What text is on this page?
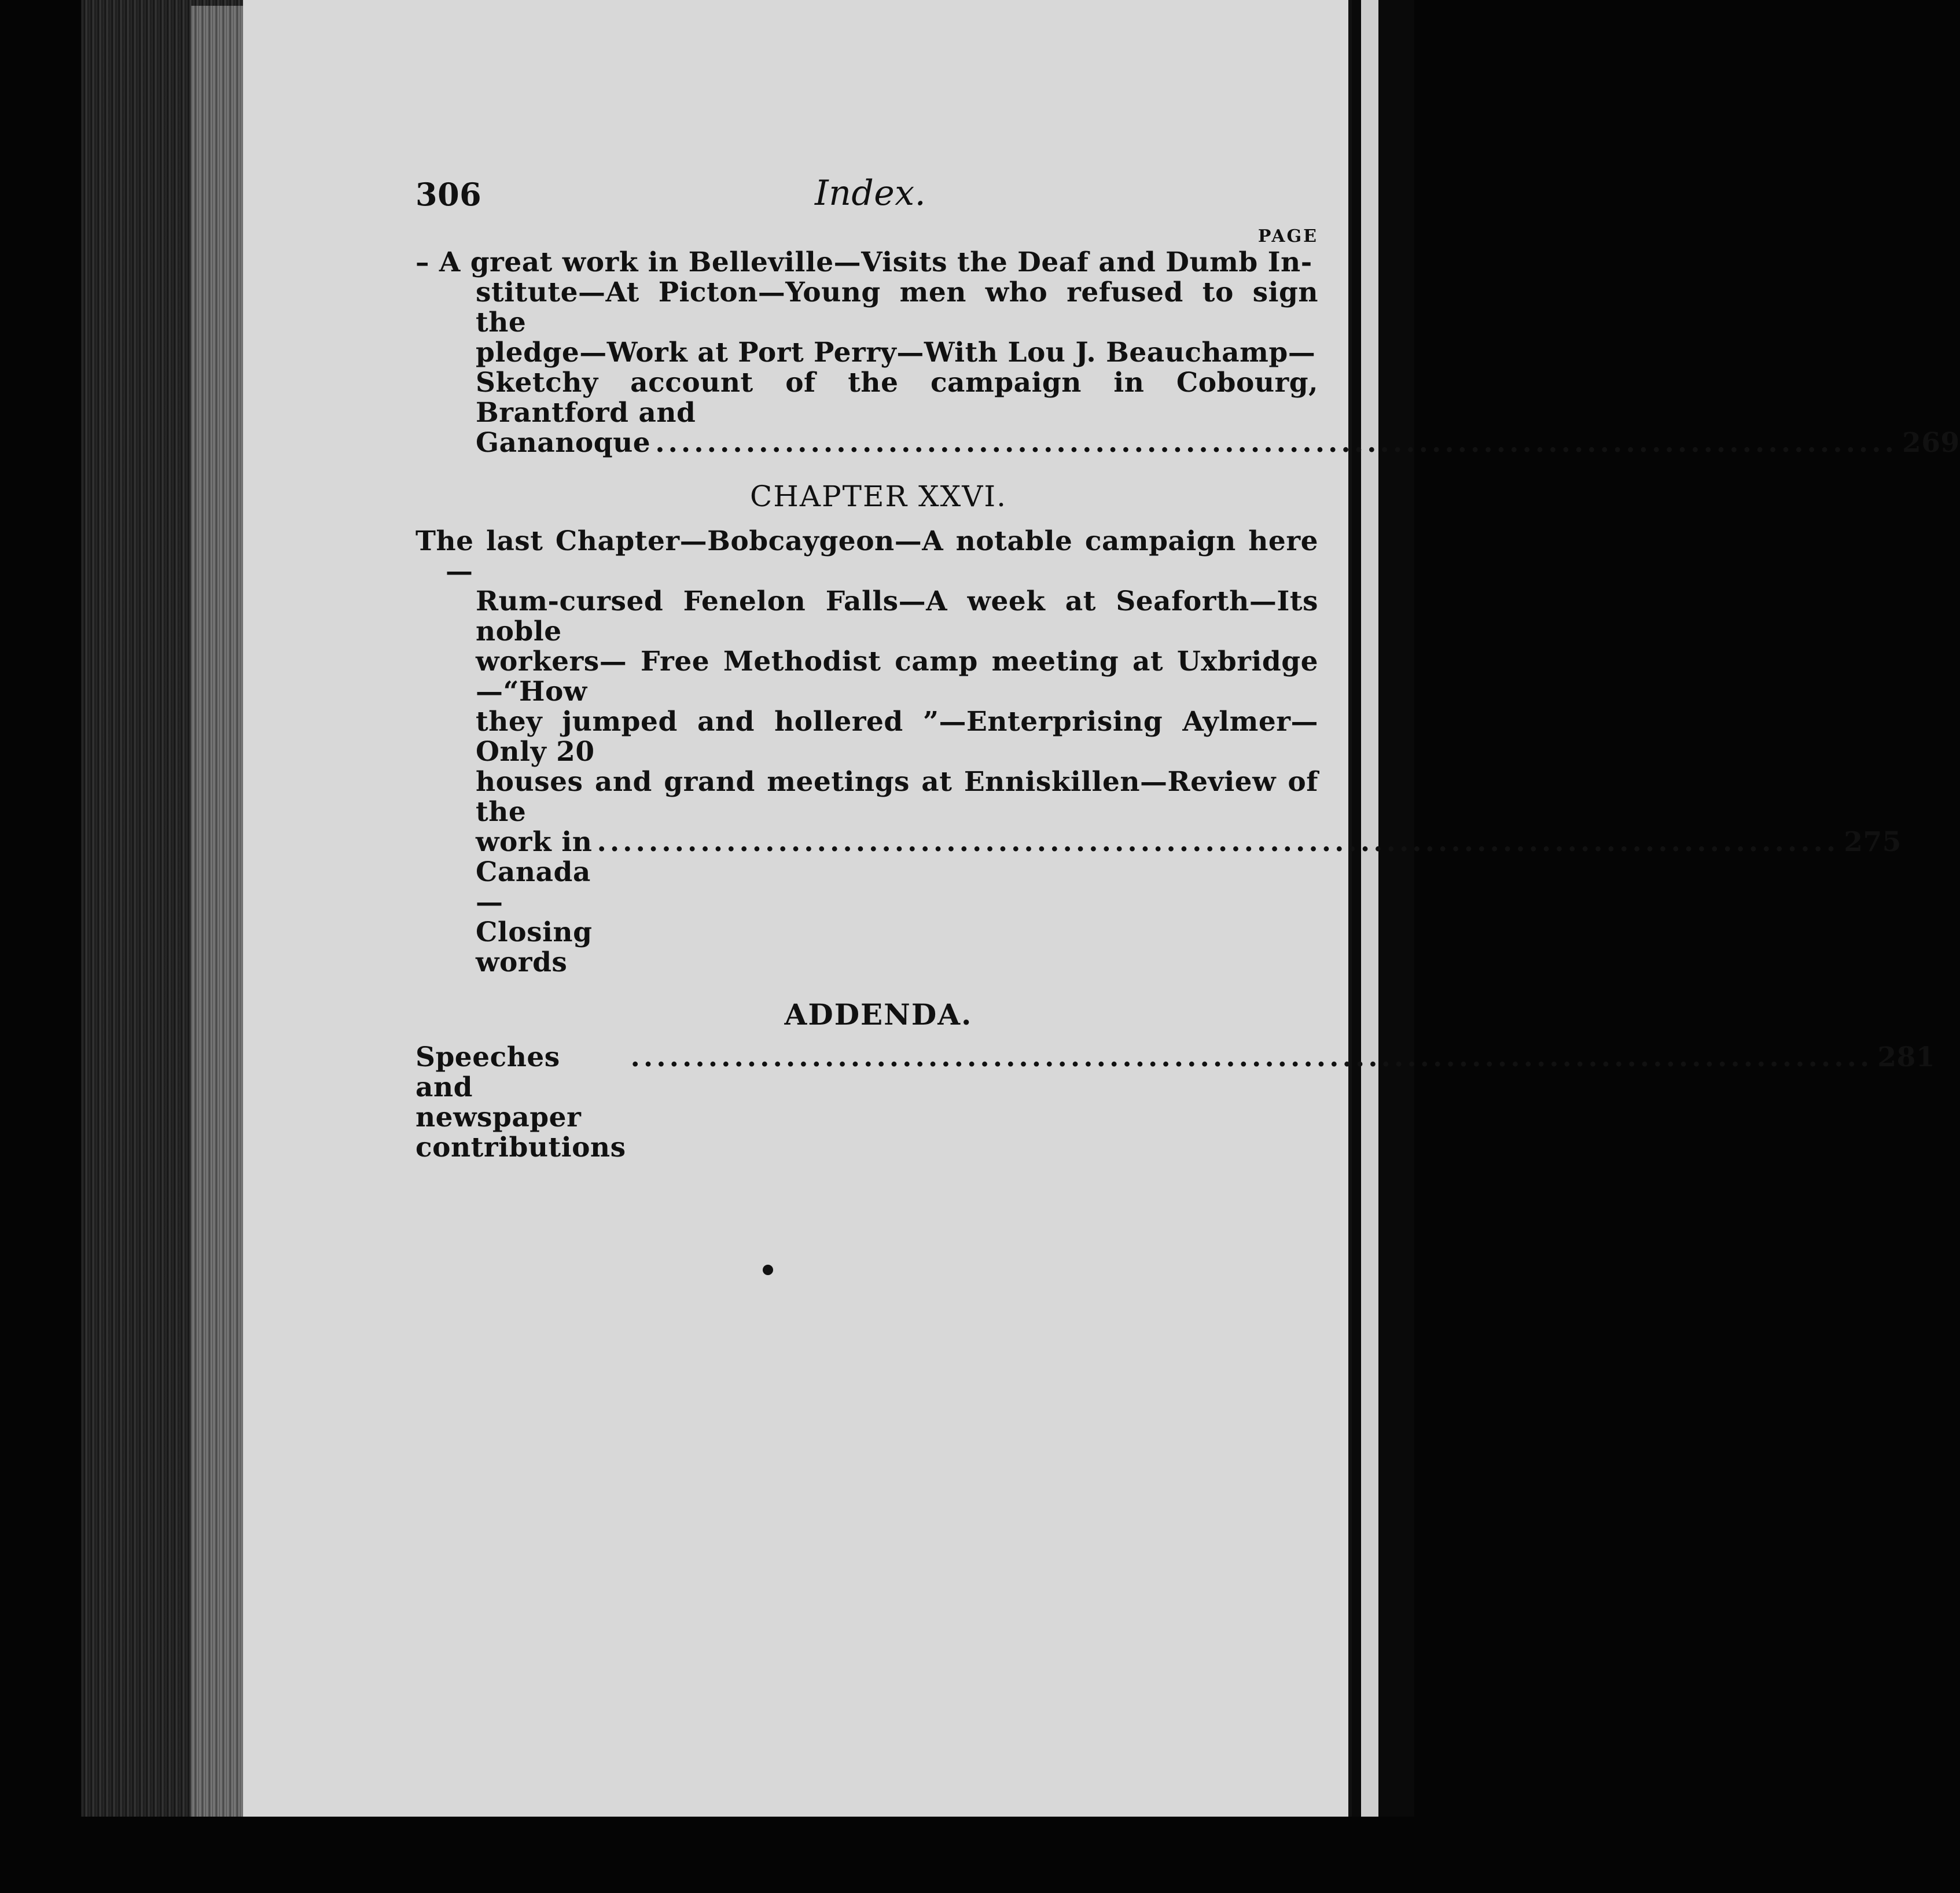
306	Index.
PAGE
– A great work in Belleville—Visits the Deaf and Dumb In-
stitute—At Picton—Young men who refused to sign the
pledge—Work at Port Perry—With Lou J. Beauchamp—
Sketchy account of the campaign in Cobourg, Brantford and
Gananoque ................................................................................................ 269
CHAPTER XXVI.
The last Chapter—Bobcaygeon—A notable campaign here—
Rum-cursed Fenelon Falls—A week at Seaforth—Its noble
workers— Free Methodist camp meeting at Uxbridge—“How
they jumped and hollered ”—Enterprising Aylmer—Only 20
houses and grand meetings at Enniskillen—Review of the
work in Canada—Closing words
................................................................................................ 275
ADDENDA.
Speeches and newspaper contributions
................................................................................................ 281
